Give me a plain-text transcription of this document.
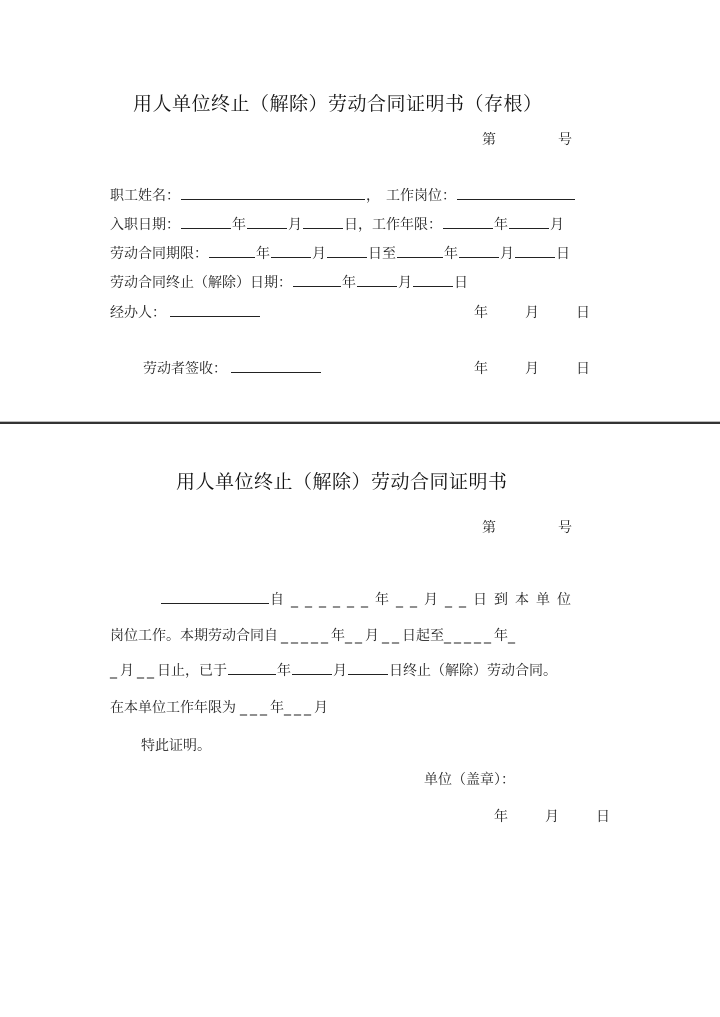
用人单位终止（解除）劳动合同证明书（存根）
第	号
职工姓名：	， 工作岗位：
入职日期：	年	月	日，工作年限：	年	月
劳动合同期限：	年	月	日至	年	月	日
劳动合同终止（解除）日期：	年	月	日
经办人：	年	月	日
劳动者签收：	年	月	日
用人单位终止（解除）劳动合同证明书
第	号
自______年__月__日到本单位
岗位工作。本期劳动合同自 _____年__月 __日起至_____年_
_月 __日止，已于	年	月	日终止（解除）劳动合同。
在本单位工作年限为 ___年___月
特此证明。
单位（盖章）：
年	月	日
